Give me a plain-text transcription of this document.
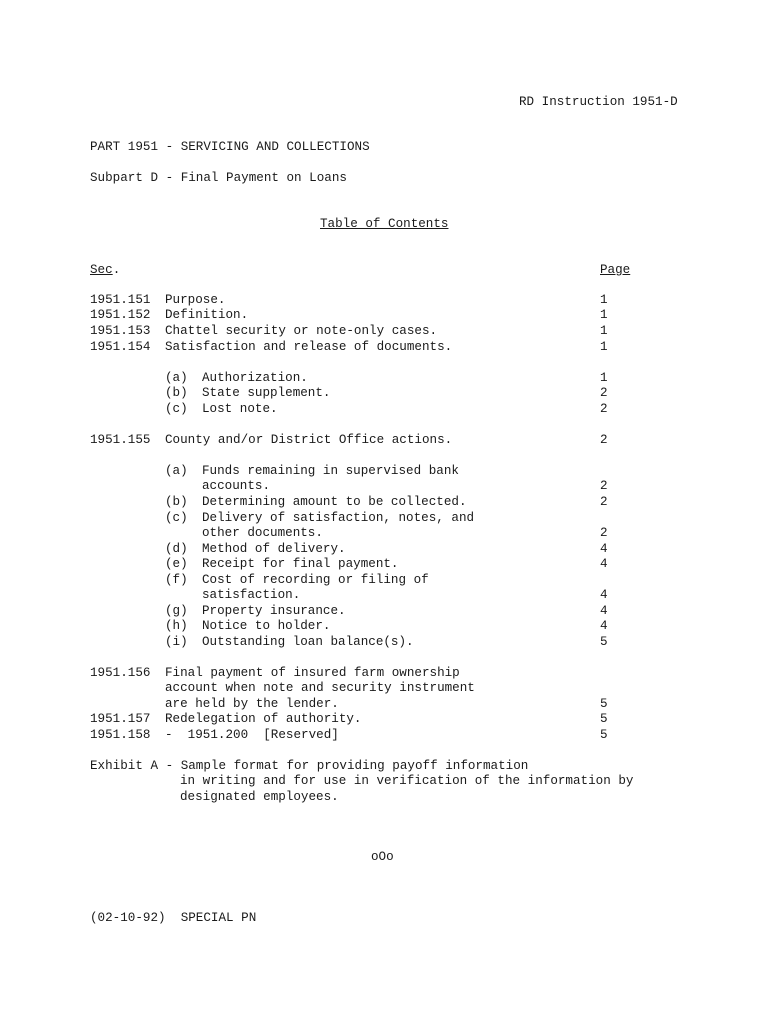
RD Instruction 1951-D
PART 1951 - SERVICING AND COLLECTIONS
Subpart D - Final Payment on Loans
Table of Contents
Sec.	Page
1951.151 Purpose.	1
1951.152 Definition.	1
1951.153 Chattel security or note-only cases.	1
1951.154 Satisfaction and release of documents.	1
(a) Authorization.	1
(b) State supplement.	2
(c) Lost note.	2
1951.155 County and/or District Office actions.	2
(a) Funds remaining in supervised bank
accounts.	2
(b) Determining amount to be collected.	2
(c) Delivery of satisfaction, notes, and
other documents.	2
(d) Method of delivery.	4
(e) Receipt for final payment.	4
(f) Cost of recording or filing of
satisfaction.	4
(g) Property insurance.	4
(h) Notice to holder.	4
(i) Outstanding loan balance(s).	5
1951.156 Final payment of insured farm ownership
account when note and security instrument
are held by the lender.	5
1951.157 Redelegation of authority.	5
1951.158 -  1951.200  [Reserved]	5
Exhibit A - Sample format for providing payoff information
in writing and for use in verification of the information by
designated employees.
oOo
(02-10-92)  SPECIAL PN
